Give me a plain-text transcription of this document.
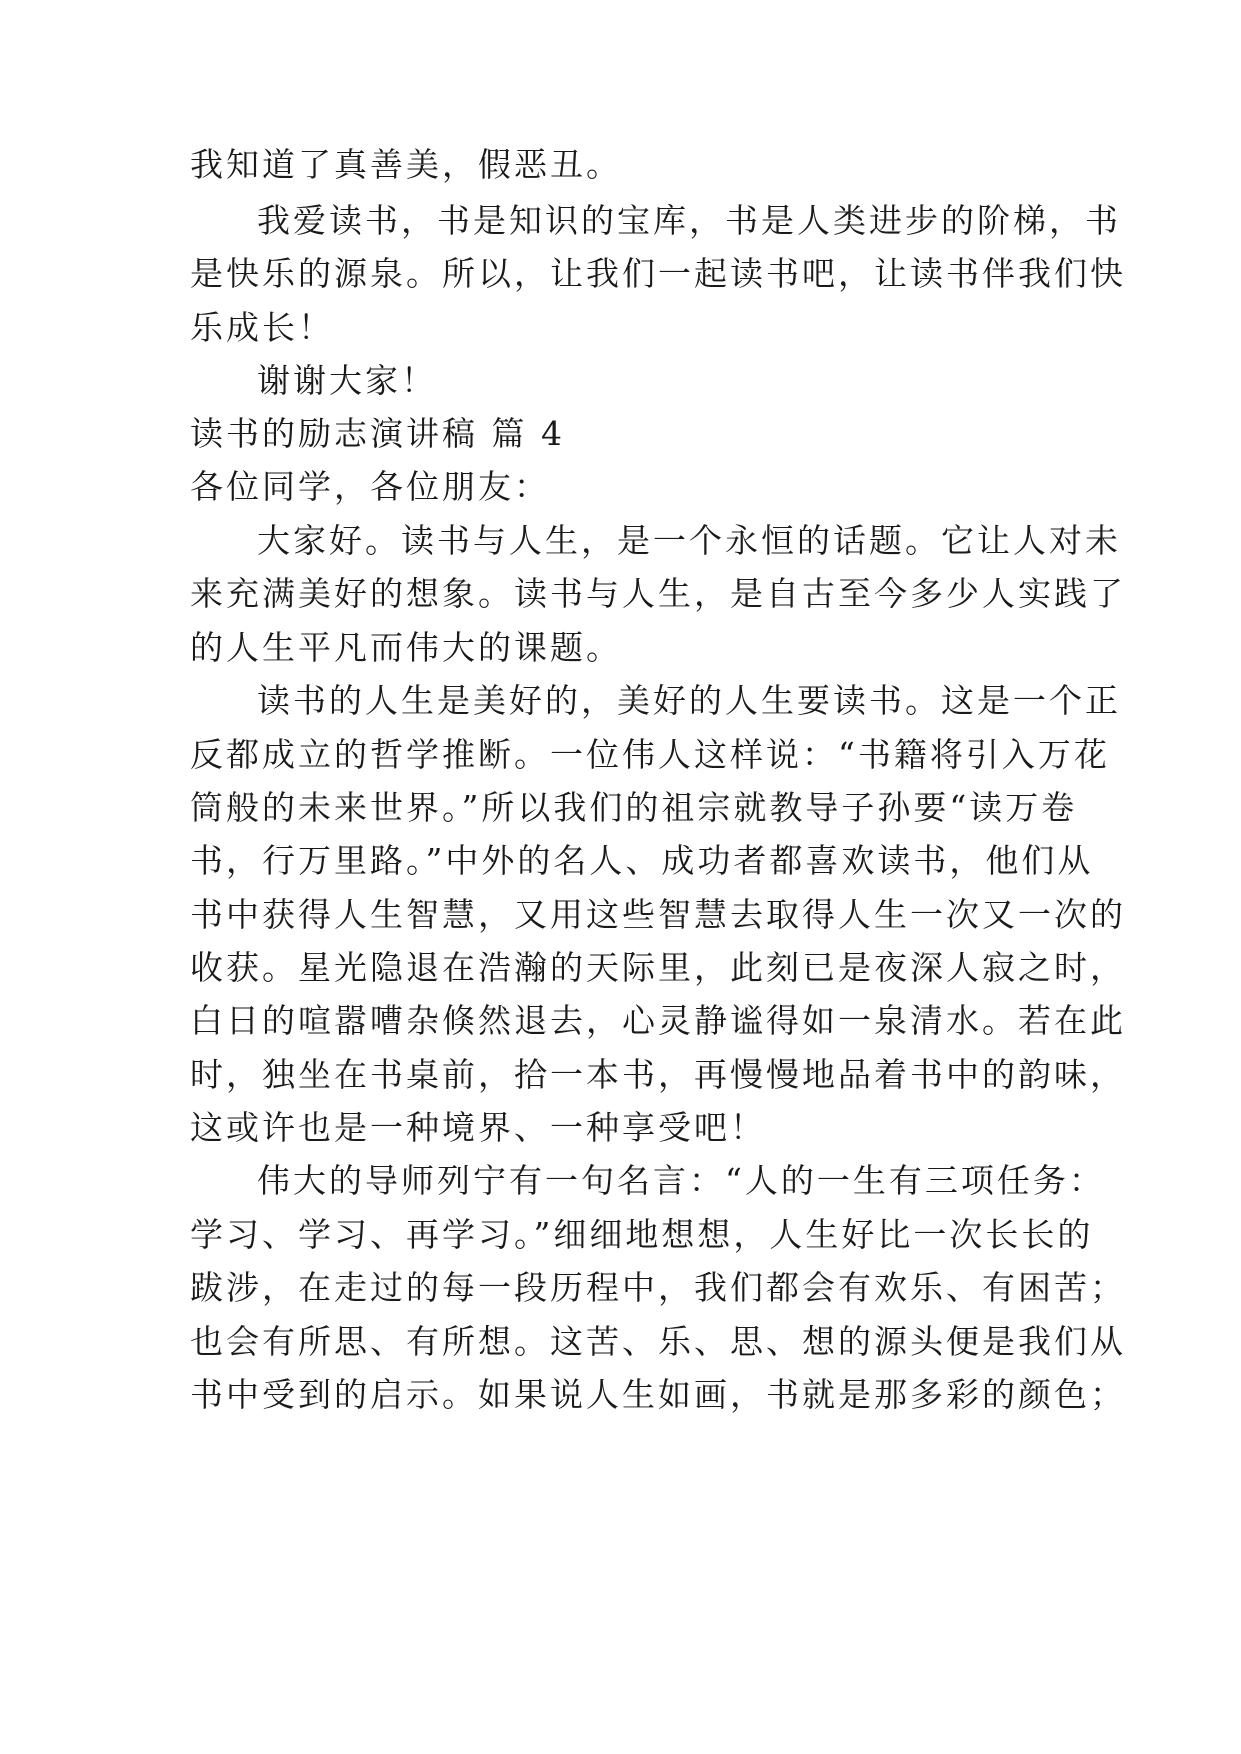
我知道了真善美，假恶丑。

我爱读书，书是知识的宝库，书是人类进步的阶梯，书

是快乐的源泉。所以，让我们一起读书吧，让读书伴我们快

乐成长！

谢谢大家！

读书的励志演讲稿 篇 4

各位同学，各位朋友：

大家好。读书与人生，是一个永恒的话题。它让人对未

来充满美好的想象。读书与人生，是自古至今多少人实践了

的人生平凡而伟大的课题。

读书的人生是美好的，美好的人生要读书。这是一个正

反都成立的哲学推断。一位伟人这样说：“书籍将引入万花

筒般的未来世界。”所以我们的祖宗就教导子孙要“读万卷

书，行万里路。”中外的名人、成功者都喜欢读书，他们从

书中获得人生智慧，又用这些智慧去取得人生一次又一次的

收获。星光隐退在浩瀚的天际里，此刻已是夜深人寂之时，

白日的喧嚣嘈杂倏然退去，心灵静谧得如一泉清水。若在此

时，独坐在书桌前，拾一本书，再慢慢地品着书中的韵味，

这或许也是一种境界、一种享受吧！

伟大的导师列宁有一句名言：“人的一生有三项任务：

学习、学习、再学习。”细细地想想，人生好比一次长长的

跋涉，在走过的每一段历程中，我们都会有欢乐、有困苦；

也会有所思、有所想。这苦、乐、思、想的源头便是我们从

书中受到的启示。如果说人生如画，书就是那多彩的颜色；
